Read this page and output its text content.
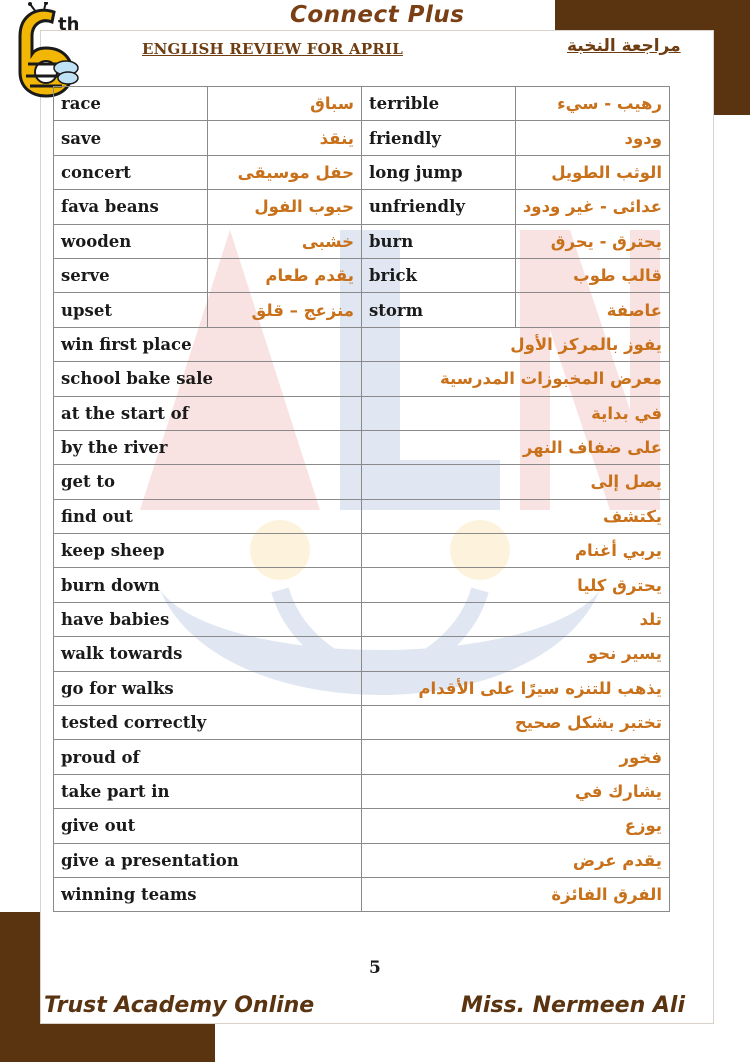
Connect Plus
th
ENGLISH REVIEW FOR APRIL	مراجعة النخبة
race	سباق	terrible	رهيب - سيء
save	ينقذ	friendly	ودود
concert	حفل موسيقى	long jump	الوثب الطويل
fava beans	حبوب الفول	unfriendly	عدائى - غير ودود
wooden	خشبى	burn	يحترق - يحرق
serve	يقدم طعام	brick	قالب طوب
upset	منزعج – قلق	storm	عاصفة
win first place		يفوز بالمركز الأول	
school bake sale		معرض المخبوزات المدرسية	
at the start of		في بداية	
by the river		على ضفاف النهر	
get to		يصل إلى	
find out		يكتشف	
keep sheep		يربي أغنام	
burn down		يحترق كليا	
have babies		تلد	
walk towards		يسير نحو	
go for walks		يذهب للتنزه سيرًا على الأقدام	
tested correctly		تختبر بشكل صحيح	
proud of		فخور	
take part in		يشارك في	
give out		يوزع	
give a presentation		يقدم عرض	
winning teams		الفرق الفائزة	
5
Trust Academy Online	Miss. Nermeen Ali
